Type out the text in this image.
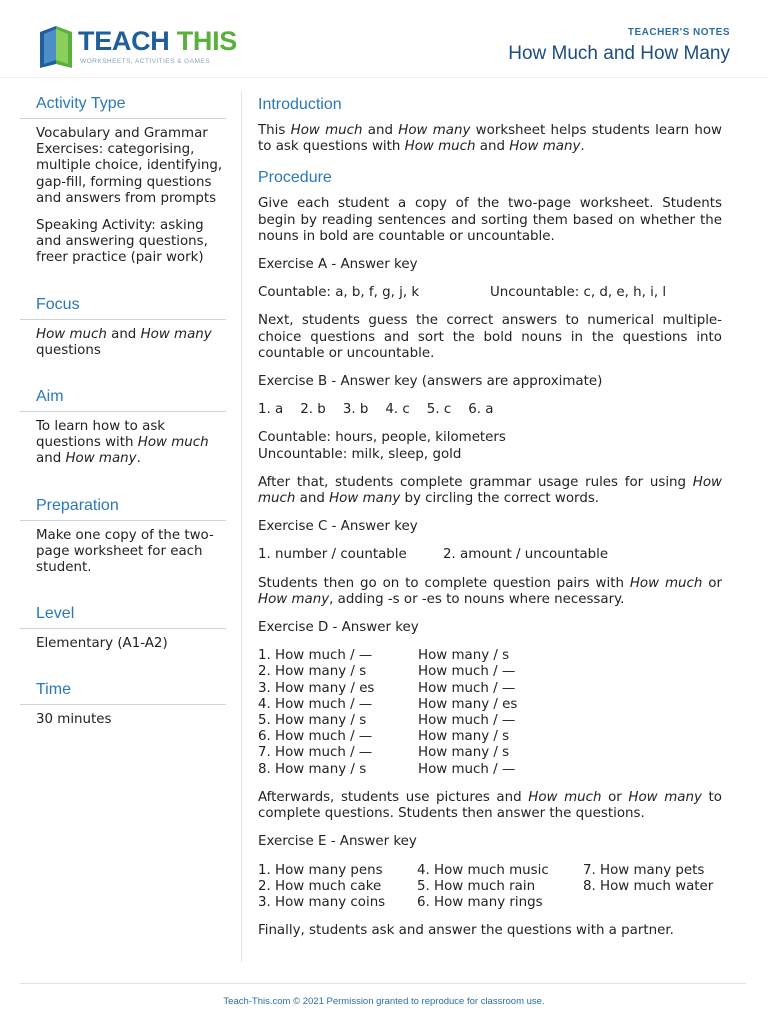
TEACH THIS
WORKSHEETS, ACTIVITIES & GAMES
TEACHER'S NOTES
How Much and How Many
Activity Type

Vocabulary and Grammar Exercises: categorising, multiple choice, identifying, gap-fill, forming questions and answers from prompts

Speaking Activity: asking and answering questions, freer practice (pair work)

Focus
How much and How many questions
Aim
To learn how to ask questions with How much and How many.
Preparation
Make one copy of the two-page worksheet for each student.
Level
Elementary (A1-A2)
Time
30 minutes
Introduction
This How much and How many worksheet helps students learn how to ask questions with How much and How many.
Procedure
Give each student a copy of the two-page worksheet. Students begin by reading sentences and sorting them based on whether the nouns in bold are countable or uncountable.
Exercise A - Answer key
Countable: a, b, f, g, j, k	Uncountable: c, d, e, h, i, l
Next, students guess the correct answers to numerical multiple-choice questions and sort the bold nouns in the questions into countable or uncountable.
Exercise B - Answer key (answers are approximate)
1. a    2. b    3. b    4. c    5. c    6. a
Countable: hours, people, kilometers
Uncountable: milk, sleep, gold
After that, students complete grammar usage rules for using How much and How many by circling the correct words.
Exercise C - Answer key
1. number / countable	2. amount / uncountable
Students then go on to complete question pairs with How much or How many, adding -s or -es to nouns where necessary.
Exercise D - Answer key
1. How much / —	How many / s
2. How many / s	How much / —
3. How many / es	How much / —
4. How much / —	How many / es
5. How many / s	How much / —
6. How much / —	How many / s
7. How much / —	How many / s
8. How many / s	How much / —
Afterwards, students use pictures and How much or How many to complete questions. Students then answer the questions.
Exercise E - Answer key
1. How many pens	4. How much music	7. How many pets
2. How much cake	5. How much rain	8. How much water
3. How many coins	6. How many rings
Finally, students ask and answer the questions with a partner.
Teach-This.com © 2021 Permission granted to reproduce for classroom use.
